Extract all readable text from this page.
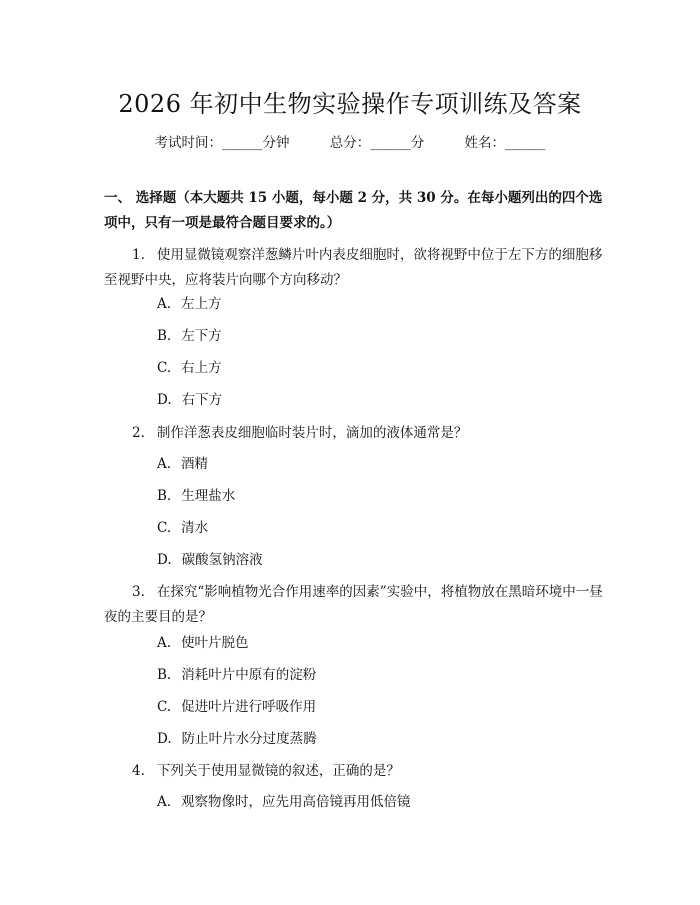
2026 年初中生物实验操作专项训练及答案
考试时间：______分钟	总分：______分	姓名：______
一、 选择题（本大题共 15 小题，每小题 2 分，共 30 分。在每小题列出的四个选项中，只有一项是最符合题目要求的。）
1. 使用显微镜观察洋葱鳞片叶内表皮细胞时，欲将视野中位于左下方的细胞移至视野中央，应将装片向哪个方向移动？
A. 左上方
B. 左下方
C. 右上方
D. 右下方
2. 制作洋葱表皮细胞临时装片时，滴加的液体通常是？
A. 酒精
B. 生理盐水
C. 清水
D. 碳酸氢钠溶液
3. 在探究“影响植物光合作用速率的因素”实验中，将植物放在黑暗环境中一昼夜的主要目的是？
A. 使叶片脱色
B. 消耗叶片中原有的淀粉
C. 促进叶片进行呼吸作用
D. 防止叶片水分过度蒸腾
4. 下列关于使用显微镜的叙述，正确的是？
A. 观察物像时，应先用高倍镜再用低倍镜
